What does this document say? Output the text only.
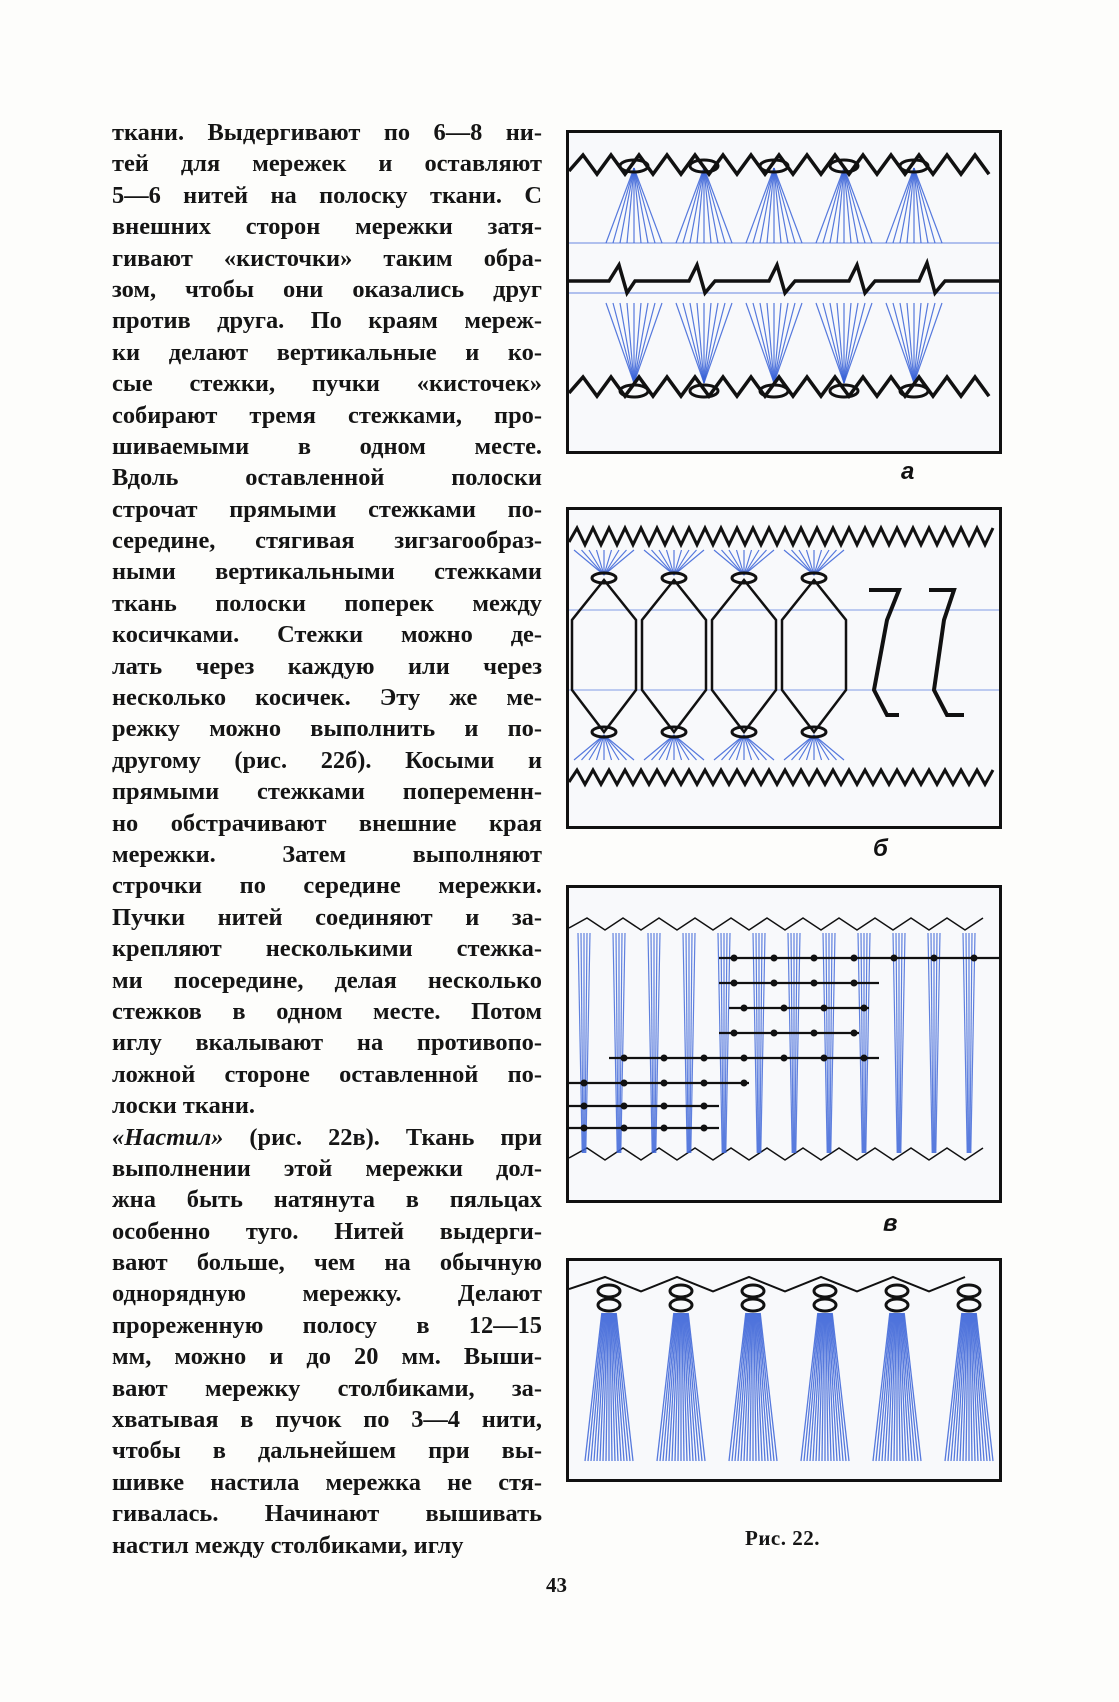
ткани. Выдергивают по 6—8 ни-
тей для мережек и оставляют
5—6 нитей на полоску ткани. С
внешних сторон мережки затя-
гивают «кисточки» таким обра-
зом, чтобы они оказались друг
против друга. По краям мереж-
ки делают вертикальные и ко-
сые стежки, пучки «кисточек»
собирают тремя стежками, про-
шиваемыми в одном месте.
Вдоль оставленной полоски
строчат прямыми стежками по-
середине, стягивая зигзагообраз-
ными вертикальными стежками
ткань полоски поперек между
косичками. Стежки можно де-
лать через каждую или через
несколько косичек. Эту же ме-
режку можно выполнить и по-
другому (рис. 22б). Косыми и
прямыми стежками попеременн-
но обстрачивают внешние края
мережки. Затем выполняют
строчки по середине мережки.
Пучки нитей соединяют и за-
крепляют несколькими стежка-
ми посередине, делая несколько
стежков в одном месте. Потом
иглу вкалывают на противопо-
ложной стороне оставленной по-
лоски ткани.
«Настил» (рис. 22в). Ткань при
выполнении этой мережки дол-
жна быть натянута в пяльцах
особенно туго. Нитей выдерги-
вают больше, чем на обычную
однорядную мережку. Делают
прореженную полосу в 12—15
мм, можно и до 20 мм. Выши-
вают мережку столбиками, за-
хватывая в пучок по 3—4 нити,
чтобы в дальнейшем при вы-
шивке настила мережка не стя-
гивалась. Начинают вышивать
настил между столбиками, иглу
а
б
в
Рис. 22.
43
